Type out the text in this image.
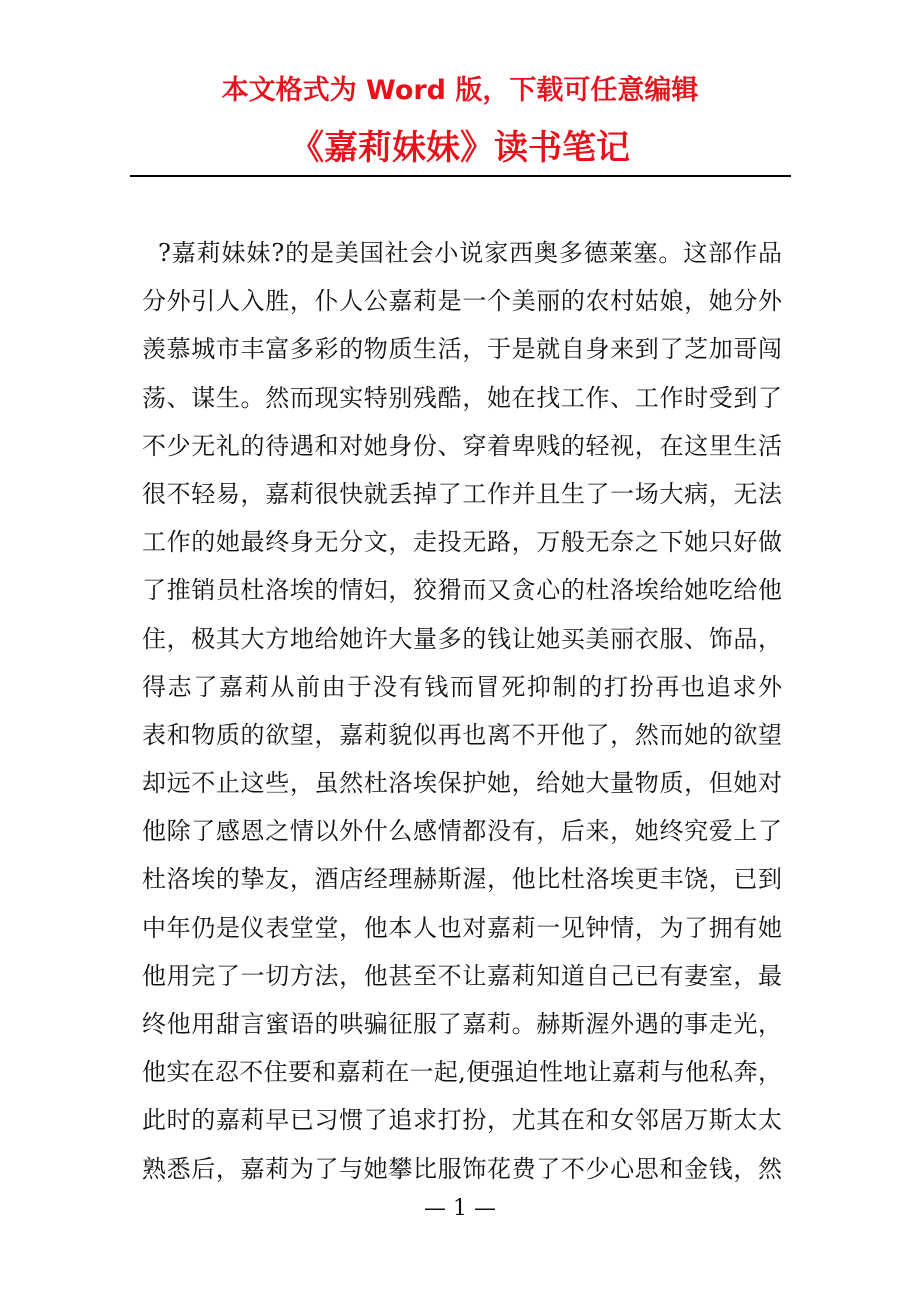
本文格式为 Word 版，下载可任意编辑
《嘉莉妹妹》读书笔记
?嘉莉妹妹?的是美国社会小说家西奥多德莱塞。这部作品
分外引人入胜，仆人公嘉莉是一个美丽的农村姑娘，她分外
羡慕城市丰富多彩的物质生活，于是就自身来到了芝加哥闯
荡、谋生。然而现实特别残酷，她在找工作、工作时受到了
不少无礼的待遇和对她身份、穿着卑贱的轻视，在这里生活
很不轻易，嘉莉很快就丢掉了工作并且生了一场大病，无法
工作的她最终身无分文，走投无路，万般无奈之下她只好做
了推销员杜洛埃的情妇，狡猾而又贪心的杜洛埃给她吃给他
住，极其大方地给她许大量多的钱让她买美丽衣服、饰品，
得志了嘉莉从前由于没有钱而冒死抑制的打扮再也追求外
表和物质的欲望，嘉莉貌似再也离不开他了，然而她的欲望
却远不止这些，虽然杜洛埃保护她，给她大量物质，但她对
他除了感恩之情以外什么感情都没有，后来，她终究爱上了
杜洛埃的挚友，酒店经理赫斯渥，他比杜洛埃更丰饶，已到
中年仍是仪表堂堂，他本人也对嘉莉一见钟情，为了拥有她
他用完了一切方法，他甚至不让嘉莉知道自己已有妻室，最
终他用甜言蜜语的哄骗征服了嘉莉。赫斯渥外遇的事走光，
他实在忍不住要和嘉莉在一起,便强迫性地让嘉莉与他私奔，
此时的嘉莉早已习惯了追求打扮，尤其在和女邻居万斯太太
熟悉后，嘉莉为了与她攀比服饰花费了不少心思和金钱，然
— 1 —
